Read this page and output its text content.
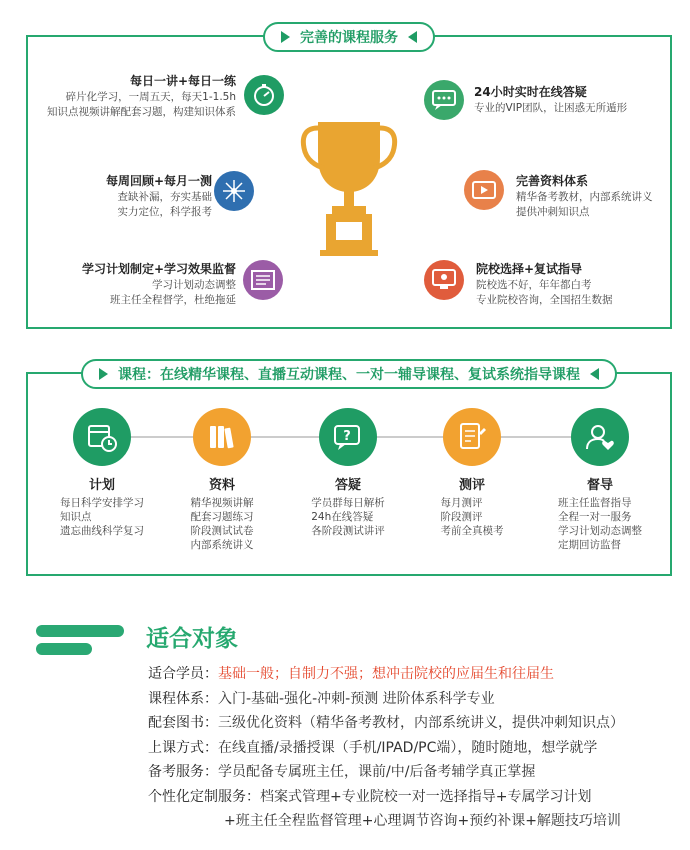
完善的课程服务
每日一讲+每日一练
碎片化学习，一周五天，每天1-1.5h
知识点视频讲解配套习题，构建知识体系
每周回顾+每月一测
查缺补漏，夯实基础
实力定位，科学报考
学习计划制定+学习效果监督
学习计划动态调整
班主任全程督学，杜绝拖延
24小时实时在线答疑
专业的VIP团队，让困惑无所遁形
完善资料体系
精华备考教材，内部系统讲义
提供冲刺知识点
院校选择+复试指导
院校选不好，年年都白考
专业院校咨询，全国招生数据
课程：在线精华课程、直播互动课程、一对一辅导课程、复试系统指导课程
计划
每日科学安排学习
知识点
遗忘曲线科学复习
资料
精华视频讲解
配套习题练习
阶段测试试卷
内部系统讲义
?
答疑
学员群每日解析
24h在线答疑
各阶段测试讲评
测评
每月测评
阶段测评
考前全真模考
督导
班主任监督指导
全程一对一服务
学习计划动态调整
定期回访监督
适合对象
适合学员：基础一般；自制力不强；想冲击院校的应届生和往届生
课程体系：入门-基础-强化-冲刺-预测 进阶体系科学专业
配套图书：三级优化资料（精华备考教材，内部系统讲义，提供冲刺知识点）
上课方式：在线直播/录播授课（手机/IPAD/PC端），随时随地，想学就学
备考服务：学员配备专属班主任，课前/中/后备考辅学真正掌握
个性化定制服务：档案式管理+专业院校一对一选择指导+专属学习计划
+班主任全程监督管理+心理调节咨询+预约补课+解题技巧培训
